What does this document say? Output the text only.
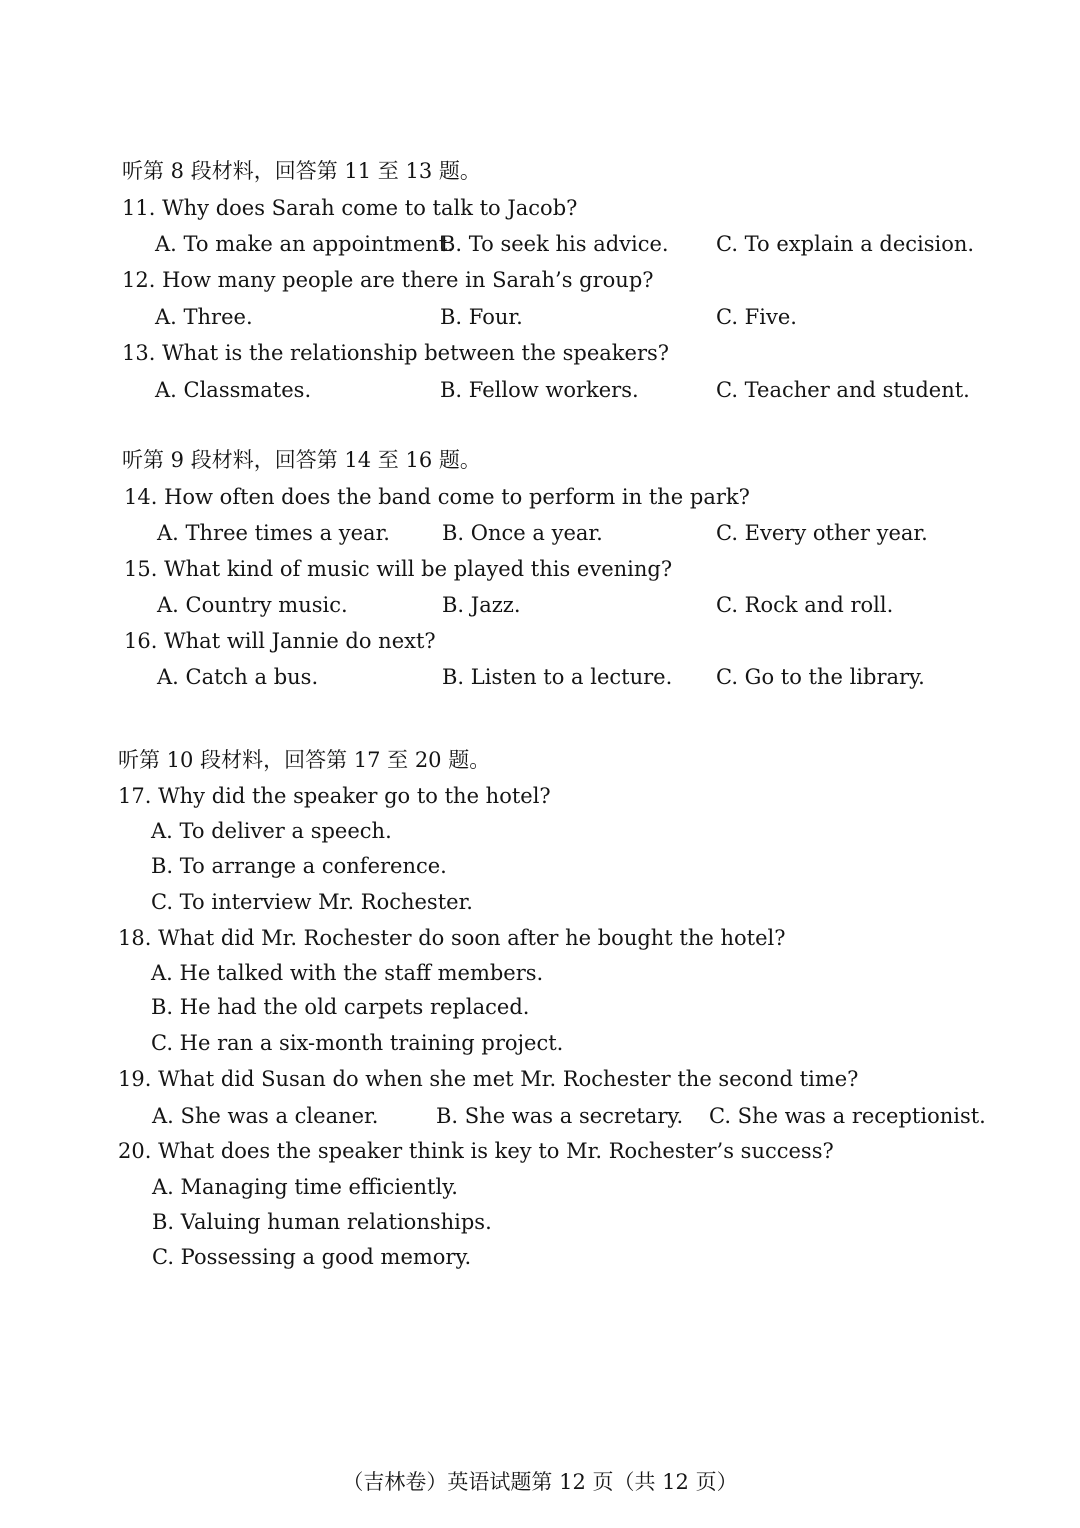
听第 8 段材料，回答第 11 至 13 题。
11. Why does Sarah come to talk to Jacob?
A. To make an appointment.
B. To seek his advice. C. To explain a decision.
12. How many people are there in Sarah’s group?
A. Three.	B. Four.	C. Five.
13. What is the relationship between the speakers?
A. Classmates.	B. Fellow workers.	C. Teacher and student.
听第 9 段材料，回答第 14 至 16 题。
14. How often does the band come to perform in the park?
A. Three times a year. B. Once a year.	C. Every other year.
15. What kind of music will be played this evening?
A. Country music.	B. Jazz.	C. Rock and roll.
16. What will Jannie do next?
A. Catch a bus.	B. Listen to a lecture. C. Go to the library.
听第 10 段材料，回答第 17 至 20 题。
17. Why did the speaker go to the hotel?
A. To deliver a speech.
B. To arrange a conference.
C. To interview Mr. Rochester.
18. What did Mr. Rochester do soon after he bought the hotel?
A. He talked with the staff members.
B. He had the old carpets replaced.
C. He ran a six-month training project.
19. What did Susan do when she met Mr. Rochester the second time?
A. She was a cleaner.	B. She was a secretary. C. She was a receptionist.
20. What does the speaker think is key to Mr. Rochester’s success?
A. Managing time efficiently.
B. Valuing human relationships.
C. Possessing a good memory.
（吉林卷）英语试题第 12 页（共 12 页）
